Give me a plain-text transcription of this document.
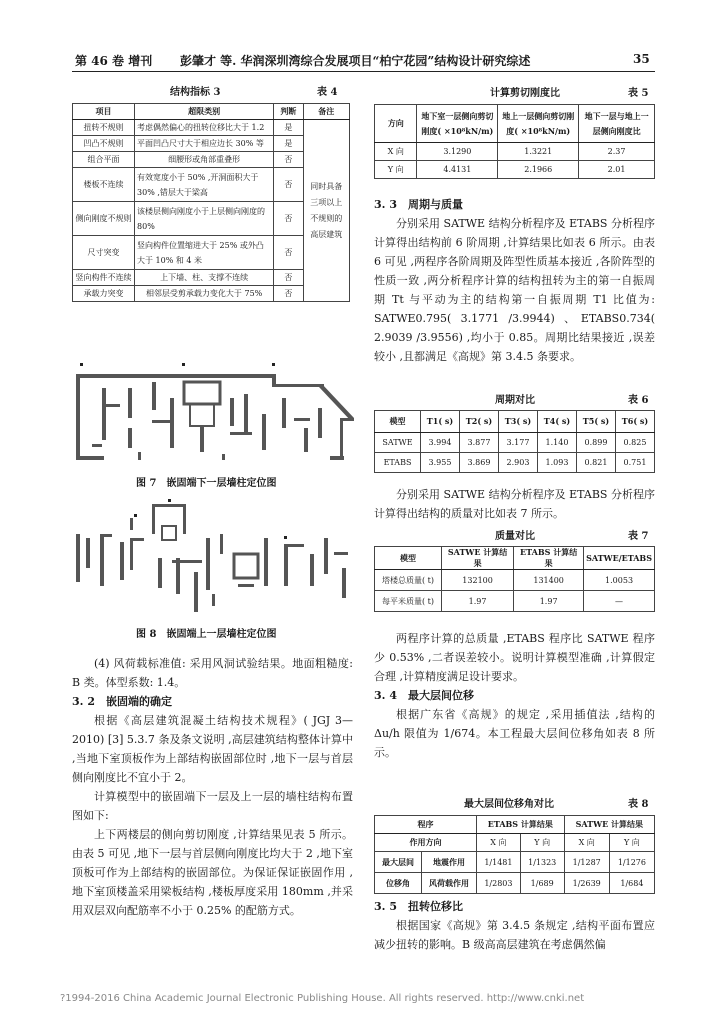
第 46 卷 增刊 彭肇才 等. 华润深圳湾综合发展项目“柏宁花园”结构设计研究综述	35
结构指标 3	表 4
项目	超限类别	判断	备注
扭转不规则	考虑偶然偏心的扭转位移比大于 1.2	是	同时具备三项以上不规则的高层建筑
凹凸不规则	平面凹凸尺寸大于相应边长 30% 等	是	
组合平面	细腰形或角部重叠形	否	
楼板不连续	有效宽度小于 50% ,开洞面积大于 30% ,错层大于梁高	否	
侧向刚度不规则	该楼层侧向刚度小于上层侧向刚度的 80%	否	
尺寸突变	竖向构件位置缩进大于 25% 或外凸大于 10% 和 4 米	否	
竖向构件不连续	上下墙、柱、支撑不连续	否	
承载力突变	相邻层受剪承载力变化大于 75%	否	
图 7　嵌固端下一层墙柱定位图
图 8　嵌固端上一层墙柱定位图

(4) 风荷载标准值: 采用风洞试验结果。地面粗糙度: B 类。体型系数: 1.4。

3. 2　嵌固端的确定

根据《高层建筑混凝土结构技术规程》( JGJ 3—2010) [3] 5.3.7 条及条文说明 ,高层建筑结构整体计算中 ,当地下室顶板作为上部结构嵌固部位时 ,地下一层与首层侧向刚度比不宜小于 2。

计算模型中的嵌固端下一层及上一层的墙柱结构布置图如下:

上下两楼层的侧向剪切刚度 ,计算结果见表 5 所示。由表 5 可见 ,地下一层与首层侧向刚度比均大于 2 ,地下室顶板可作为上部结构的嵌固部位。为保证保证嵌固作用 ,地下室顶楼盖采用梁板结构 ,楼板厚度采用 180mm ,并采用双层双向配筋率不小于 0.25% 的配筋方式。

计算剪切刚度比	表 5
方向	地下室一层侧向剪切刚度( ×10⁸kN/m)	地上一层侧向剪切刚度( ×10⁸kN/m)	地下一层与地上一层侧向刚度比
X 向	3.1290	1.3221	2.37
Y 向	4.4131	2.1966	2.01
3. 3　周期与质量

分别采用 SATWE 结构分析程序及 ETABS 分析程序计算得出结构前 6 阶周期 ,计算结果比如表 6 所示。由表 6 可见 ,两程序各阶周期及阵型性质基本接近 ,各阶阵型的性质一致 ,两分析程序计算的结构扭转为主的第一自振周期 Tt 与平动为主的结构第一自振周期 T1 比值为: SATWE0.795( 3.1771 /3.9944) 、ETABS0.734( 2.9039 /3.9556) ,均小于 0.85。周期比结果接近 ,误差较小 ,且都满足《高规》第 3.4.5 条要求。

周期对比	表 6
模型	T1( s)	T2( s)	T3( s)	T4( s)	T5( s)	T6( s)
SATWE	3.994	3.877	3.177	1.140	0.899	0.825
ETABS	3.955	3.869	2.903	1.093	0.821	0.751

分别采用 SATWE 结构分析程序及 ETABS 分析程序计算得出结构的质量对比如表 7 所示。

质量对比	表 7
模型	SATWE 计算结果	ETABS 计算结果	SATWE/ETABS
塔楼总质量( t)	132100	131400	1.0053
每平米质量( t)	1.97	1.97	—

两程序计算的总质量 ,ETABS 程序比 SATWE 程序少 0.53% ,二者误差较小。说明计算模型准确 ,计算假定合理 ,计算精度满足设计要求。

3. 4　最大层间位移

根据广东省《高规》的规定 ,采用插值法 ,结构的 Δu/h 限值为 1/674。本工程最大层间位移角如表 8 所示。

最大层间位移角对比	表 8
程序		ETABS 计算结果		SATWE 计算结果	
作用方向		X 向	Y 向	X 向	Y 向
最大层间	地震作用	1/1481	1/1323	1/1287	1/1276
位移角	风荷载作用	1/2803	1/689	1/2639	1/684
3. 5　扭转位移比

根据国家《高规》第 3.4.5 条规定 ,结构平面布置应减少扭转的影响。B 级高高层建筑在考虑偶然偏

?1994-2016 China Academic Journal Electronic Publishing House. All rights reserved. http://www.cnki.net
